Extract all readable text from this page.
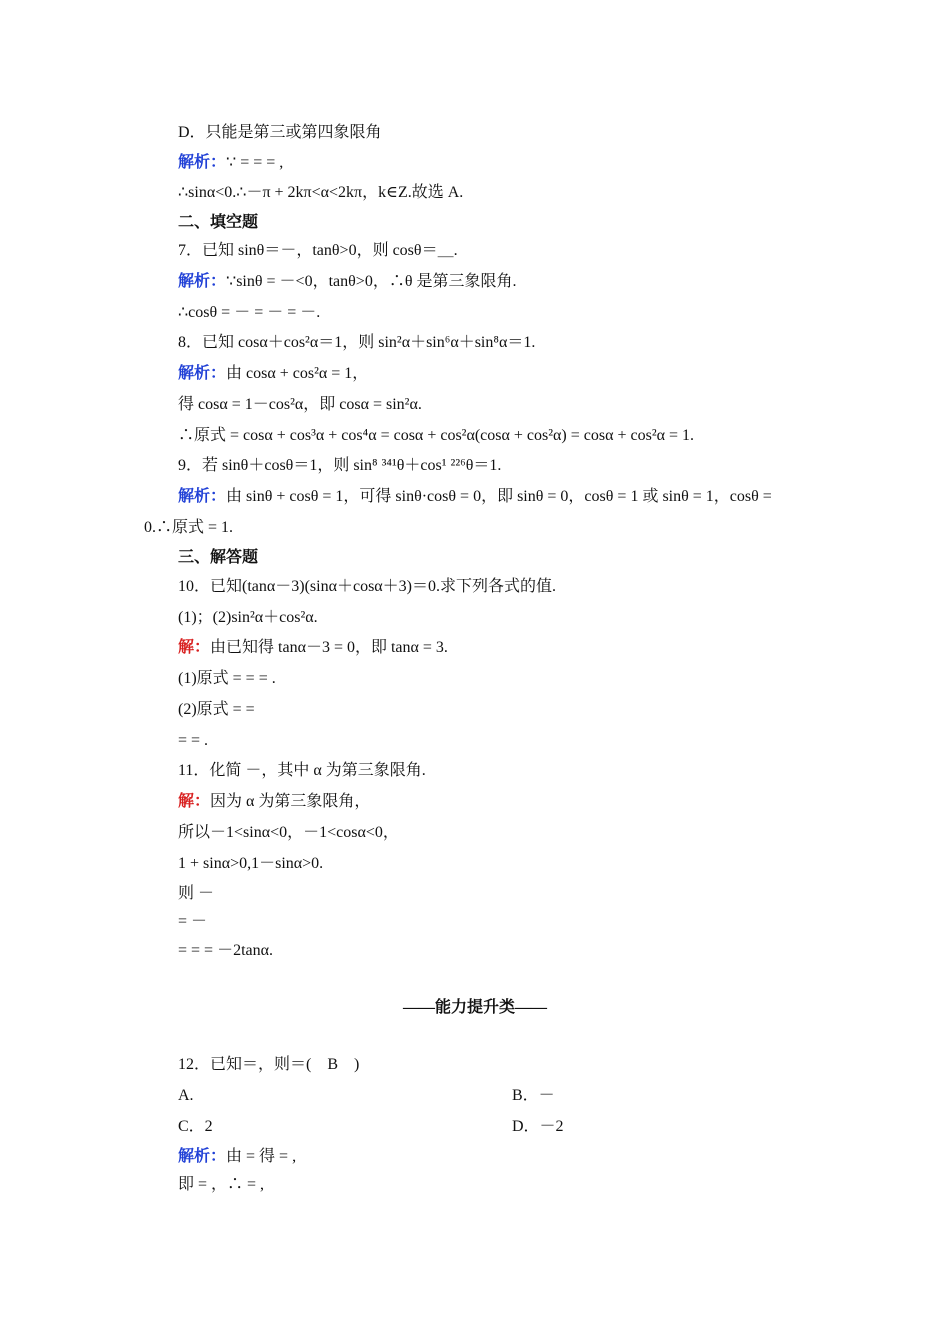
D．只能是第三或第四象限角
解析：∵ = = = ,
∴sinα<0.∴－π + 2kπ<α<2kπ，k∈Z.故选 A.
二、填空题
7．已知 sinθ＝－，tanθ>0，则 cosθ＝＿.
解析：∵sinθ = －<0，tanθ>0，∴θ 是第三象限角.
∴cosθ = － = － = －.
8．已知 cosα＋cos²α＝1，则 sin²α＋sin⁶α＋sin⁸α＝1.
解析：由 cosα + cos²α = 1，
得 cosα = 1－cos²α，即 cosα = sin²α.
∴原式 = cosα + cos³α + cos⁴α = cosα + cos²α(cosα + cos²α) = cosα + cos²α = 1.
9．若 sinθ＋cosθ＝1，则 sin⁸ ³⁴¹θ＋cos¹ ²²⁶θ＝1.
解析：由 sinθ + cosθ = 1，可得 sinθ·cosθ = 0，即 sinθ = 0，cosθ = 1 或 sinθ = 1，cosθ =
0.∴原式 = 1.
三、解答题
10．已知(tanα－3)(sinα＋cosα＋3)＝0.求下列各式的值.
(1)；(2)sin²α＋cos²α.
解：由已知得 tanα－3 = 0，即 tanα = 3.
(1)原式 = = = .
(2)原式 = =
= = .
11．化简 －，其中 α 为第三象限角.
解：因为 α 为第三象限角，
所以－1<sinα<0，－1<cosα<0，
1 + sinα>0,1－sinα>0.
则 －
= －
= = = －2tanα.
——能力提升类——
12．已知＝，则＝(　B　)
A.	B．－
C．2	D．－2
解析：由 = 得 = ,
即 = ，∴ = ,
